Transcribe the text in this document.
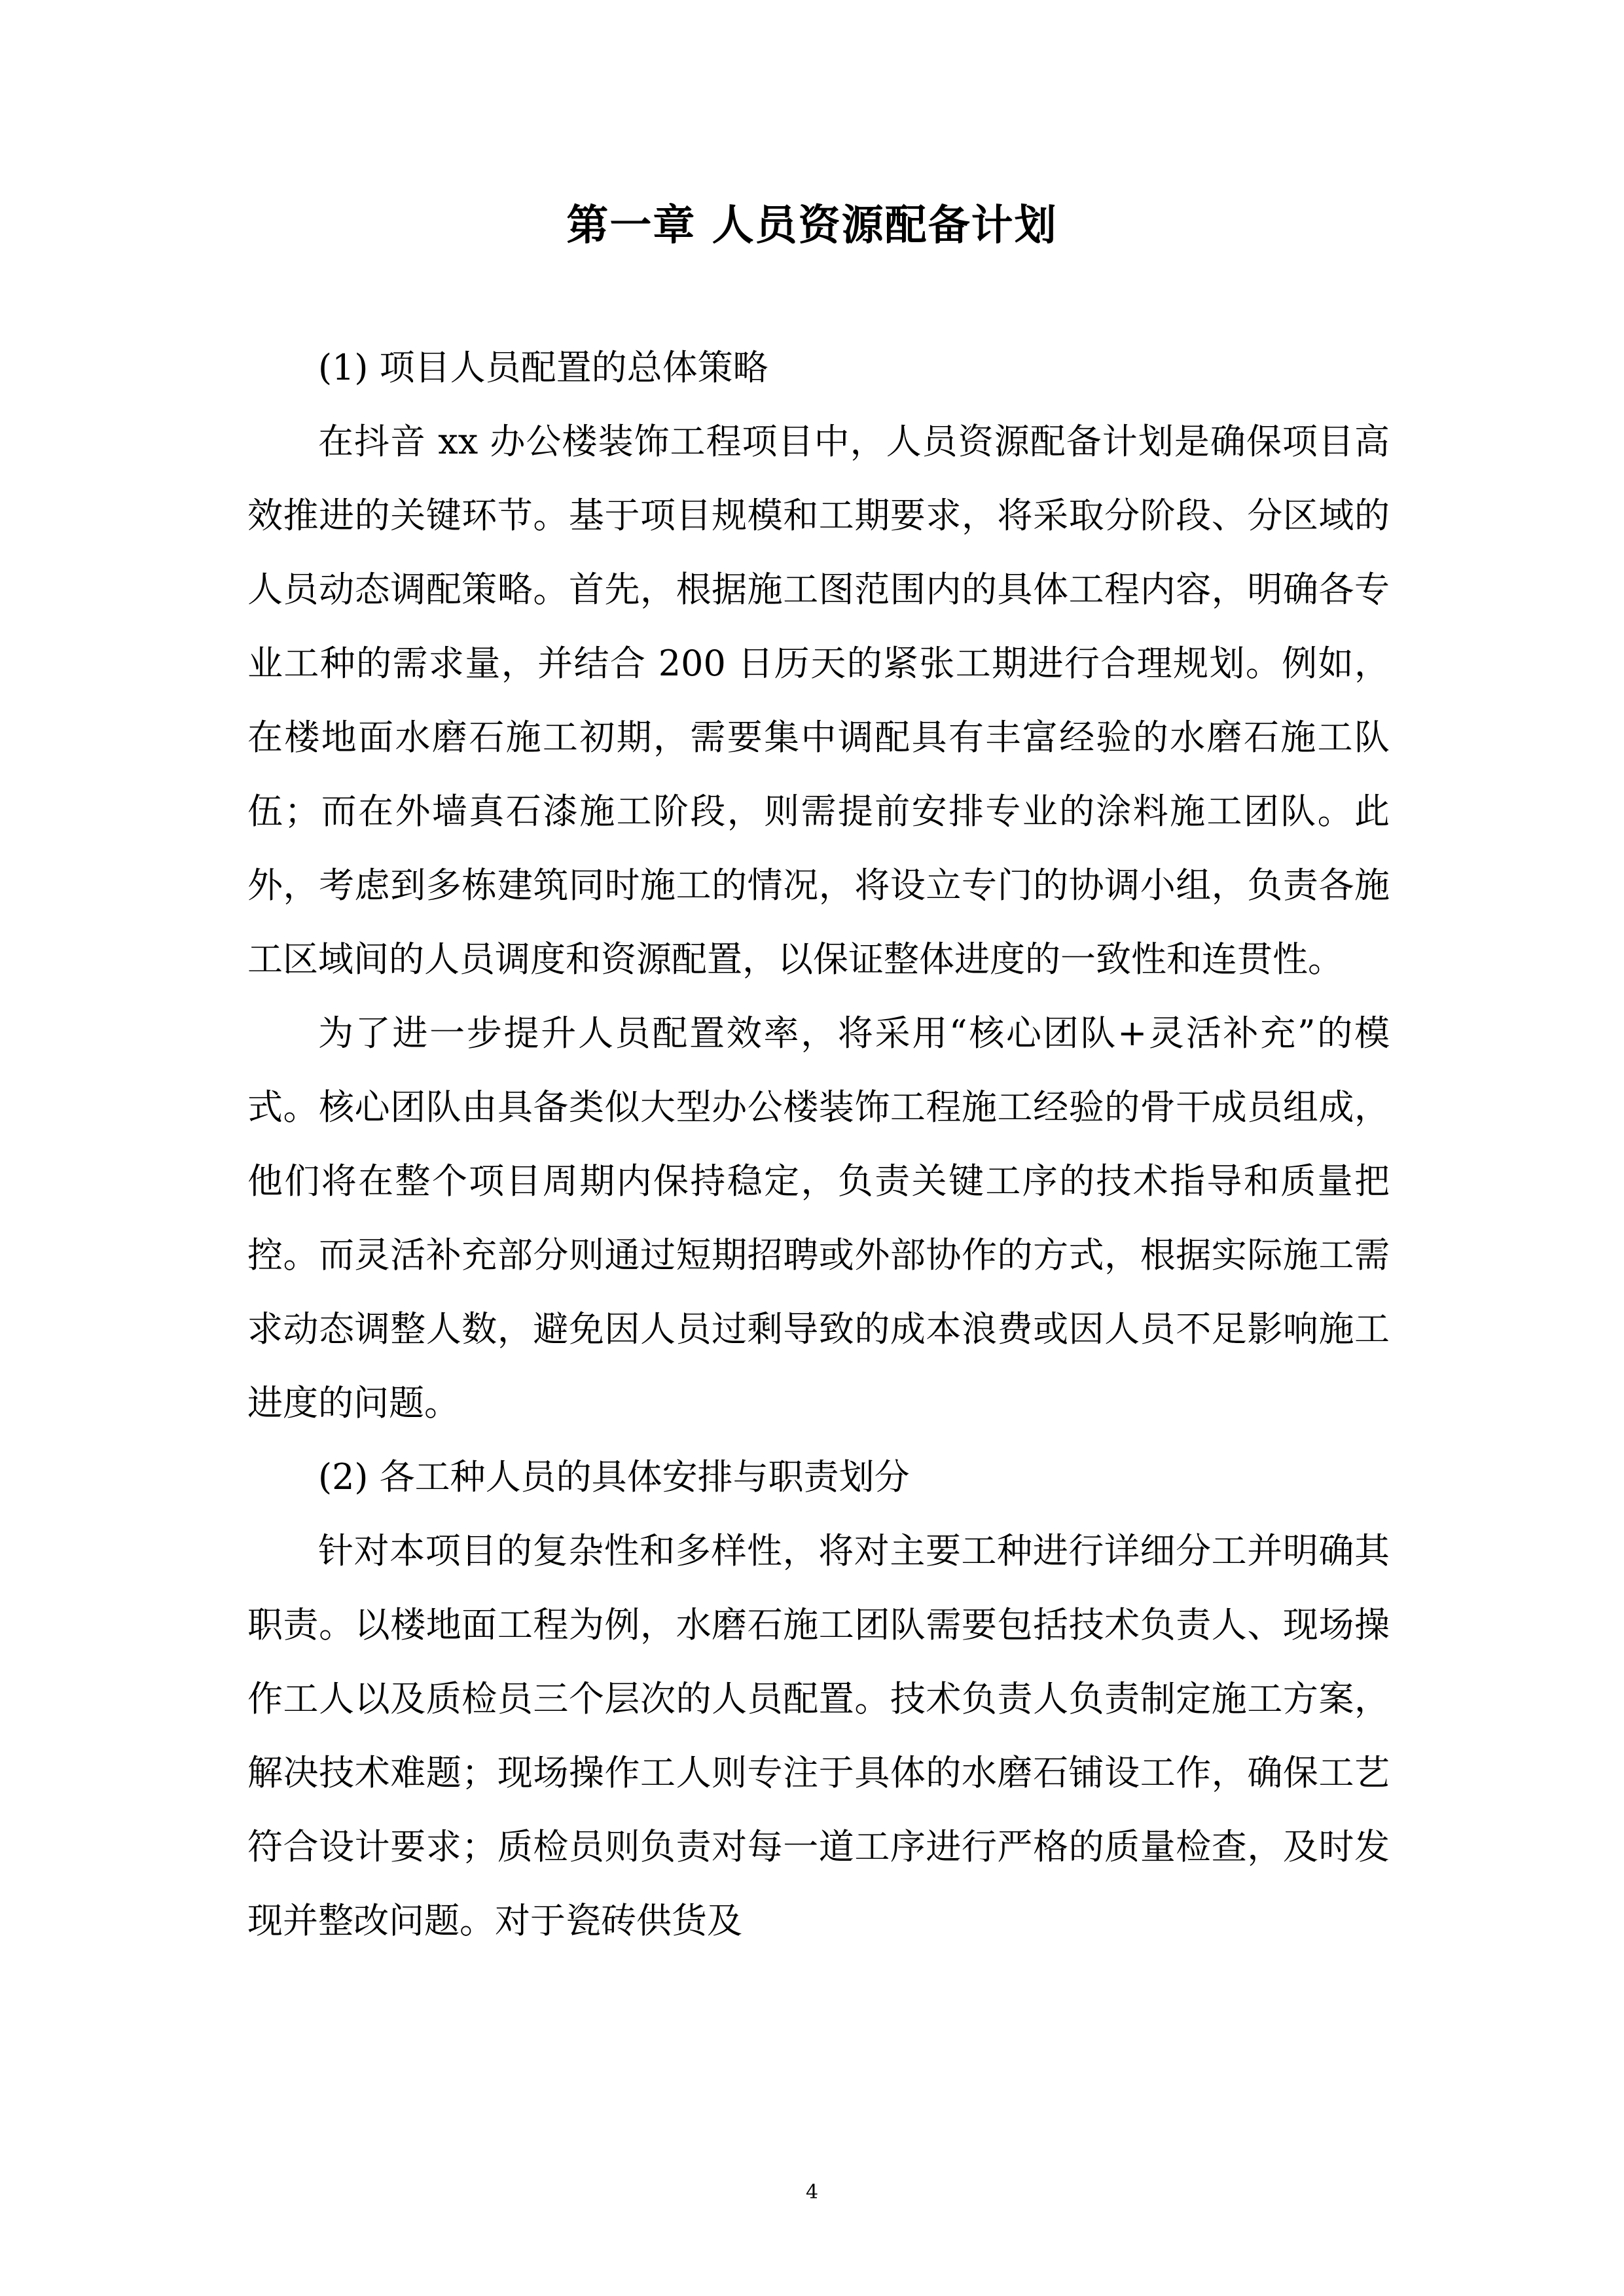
第一章 人员资源配备计划

(1) 项目人员配置的总体策略

在抖音 xx 办公楼装饰工程项目中，人员资源配备计划是确保项目高效推进的关键环节。基于项目规模和工期要求，将采取分阶段、分区域的人员动态调配策略。首先，根据施工图范围内的具体工程内容，明确各专业工种的需求量，并结合 200 日历天的紧张工期进行合理规划。例如，在楼地面水磨石施工初期，需要集中调配具有丰富经验的水磨石施工队伍；而在外墙真石漆施工阶段，则需提前安排专业的涂料施工团队。此外，考虑到多栋建筑同时施工的情况，将设立专门的协调小组，负责各施工区域间的人员调度和资源配置，以保证整体进度的一致性和连贯性。

为了进一步提升人员配置效率，将采用“核心团队+灵活补充”的模式。核心团队由具备类似大型办公楼装饰工程施工经验的骨干成员组成，他们将在整个项目周期内保持稳定，负责关键工序的技术指导和质量把控。而灵活补充部分则通过短期招聘或外部协作的方式，根据实际施工需求动态调整人数，避免因人员过剩导致的成本浪费或因人员不足影响施工进度的问题。

(2) 各工种人员的具体安排与职责划分

针对本项目的复杂性和多样性，将对主要工种进行详细分工并明确其职责。以楼地面工程为例，水磨石施工团队需要包括技术负责人、现场操作工人以及质检员三个层次的人员配置。技术负责人负责制定施工方案，解决技术难题；现场操作工人则专注于具体的水磨石铺设工作，确保工艺符合设计要求；质检员则负责对每一道工序进行严格的质量检查，及时发现并整改问题。对于瓷砖供货及

4
